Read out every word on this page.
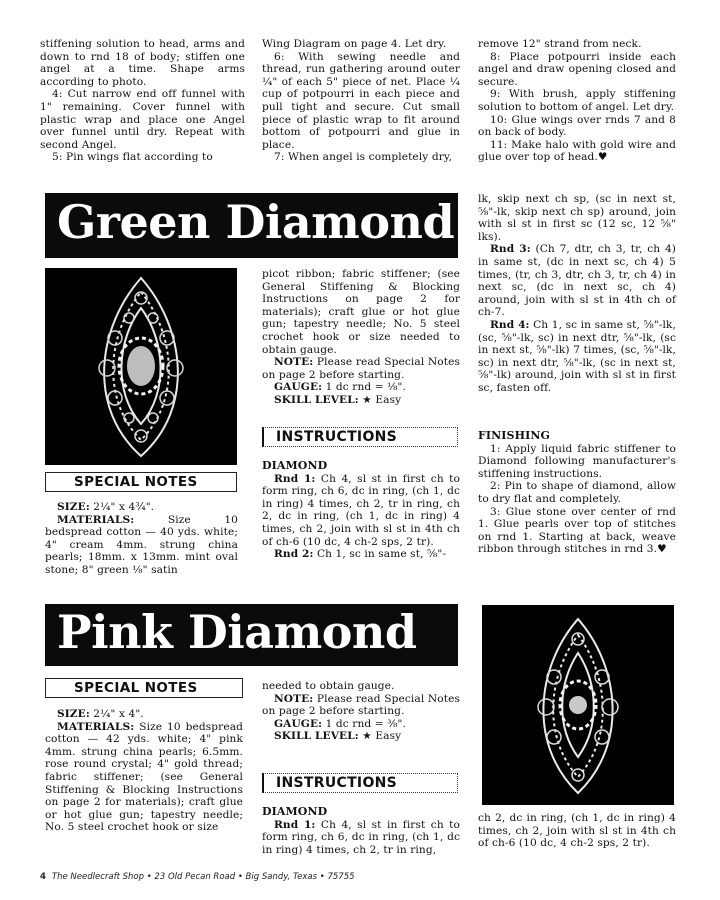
stiffening solution to head, arms and down to rnd 18 of body; stiffen one angel at a time. Shape arms according to photo.

4: Cut narrow end off funnel with 1" remaining. Cover funnel with plastic wrap and place one Angel over funnel until dry. Repeat with second Angel.

5: Pin wings flat according to

Wing Diagram on page 4. Let dry.

6: With sewing needle and thread, run gathering around outer ¼" of each 5" piece of net. Place ¼ cup of potpourri in each piece and pull tight and secure. Cut small piece of plastic wrap to fit around bottom of potpourri and glue in place.

7: When angel is completely dry,

remove 12" strand from neck.

8: Place potpourri inside each angel and draw opening closed and secure.

9: With brush, apply stiffening solution to bottom of angel. Let dry.

10: Glue wings over rnds 7 and 8 on back of body.

11: Make halo with gold wire and glue over top of head.♥

Green Diamond
SPECIAL NOTES

SIZE: 2¼" x 4¾".

MATERIALS:	Size 10 bedspread cotton — 40 yds. white; 4" cream 4mm. strung china pearls; 18mm. x 13mm. mint oval stone; 8" green ⅛" satin

picot ribbon; fabric stiffener; (see General Stiffening & Blocking Instructions on page 2 for materials); craft glue or hot glue gun; tapestry needle; No. 5 steel crochet hook or size needed to obtain gauge.

NOTE: Please read Special Notes on page 2 before starting.

GAUGE: 1 dc rnd = ⅛".

SKILL LEVEL: ★ Easy

INSTRUCTIONS

DIAMOND

Rnd 1: Ch 4, sl st in first ch to form ring, ch 6, dc in ring, (ch 1, dc in ring) 4 times, ch 2, tr in ring, ch 2, dc in ring, (ch 1, dc in ring) 4 times, ch 2, join with sl st in 4th ch of ch-6 (10 dc, 4 ch-2 sps, 2 tr).

Rnd 2: Ch 1, sc in same st, ⅝"-

lk, skip next ch sp, (sc in next st, ⅝"-lk, skip next ch sp) around, join with sl st in first sc (12 sc, 12 ⅝" lks).

Rnd 3: (Ch 7, dtr, ch 3, tr, ch 4) in same st, (dc in next sc, ch 4) 5 times, (tr, ch 3, dtr, ch 3, tr, ch 4) in next sc, (dc in next sc, ch 4) around, join with sl st in 4th ch of ch-7.

Rnd 4: Ch 1, sc in same st, ⅝"-lk, (sc, ⅝"-lk, sc) in next dtr, ⅝"-lk, (sc in next st, ⅝"-lk) 7 times, (sc, ⅝"-lk, sc) in next dtr, ⅝"-lk, (sc in next st, ⅝"-lk) around, join with sl st in first sc, fasten off.

FINISHING

1: Apply liquid fabric stiffener to Diamond following manufacturer's stiffening instructions.

2: Pin to shape of diamond, allow to dry flat and completely.

3: Glue stone over center of rnd 1. Glue pearls over top of stitches on rnd 1. Starting at back, weave ribbon through stitches in rnd 3.♥

Pink Diamond
SPECIAL NOTES

SIZE: 2¼" x 4".

MATERIALS: Size 10 bedspread cotton — 42 yds. white; 4" pink 4mm. strung china pearls; 6.5mm. rose round crystal; 4" gold thread; fabric stiffener; (see General Stiffening & Blocking Instructions on page 2 for materials); craft glue or hot glue gun; tapestry needle; No. 5 steel crochet hook or size

needed to obtain gauge.

NOTE: Please read Special Notes on page 2 before starting.

GAUGE: 1 dc rnd = ⅜".

SKILL LEVEL: ★ Easy

INSTRUCTIONS

DIAMOND

Rnd 1: Ch 4, sl st in first ch to form ring, ch 6, dc in ring, (ch 1, dc in ring) 4 times, ch 2, tr in ring,

ch 2, dc in ring, (ch 1, dc in ring) 4 times, ch 2, join with sl st in 4th ch of ch-6 (10 dc, 4 ch-2 sps, 2 tr).

4 The Needlecraft Shop • 23 Old Pecan Road • Big Sandy, Texas • 75755
